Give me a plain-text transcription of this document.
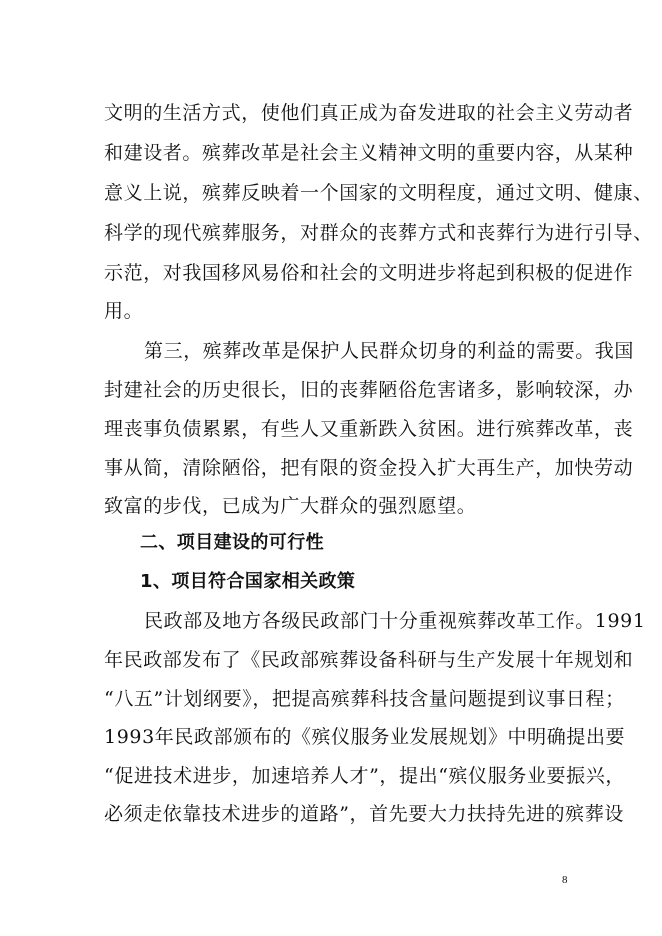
文明的生活方式，使他们真正成为奋发进取的社会主义劳动者
和建设者。殡葬改革是社会主义精神文明的重要内容，从某种
意义上说，殡葬反映着一个国家的文明程度，通过文明、健康、
科学的现代殡葬服务，对群众的丧葬方式和丧葬行为进行引导、
示范，对我国移风易俗和社会的文明进步将起到积极的促进作
用。
第三，殡葬改革是保护人民群众切身的利益的需要。我国
封建社会的历史很长，旧的丧葬陋俗危害诸多，影响较深，办
理丧事负债累累，有些人又重新跌入贫困。进行殡葬改革，丧
事从简，清除陋俗，把有限的资金投入扩大再生产，加快劳动
致富的步伐，已成为广大群众的强烈愿望。
二、项目建设的可行性
1、项目符合国家相关政策
民政部及地方各级民政部门十分重视殡葬改革工作。1991
年民政部发布了《民政部殡葬设备科研与生产发展十年规划和
“八五”计划纲要》，把提高殡葬科技含量问题提到议事日程；
1993年民政部颁布的《殡仪服务业发展规划》中明确提出要
“促进技术进步，加速培养人才”，提出“殡仪服务业要振兴，
必须走依靠技术进步的道路”，首先要大力扶持先进的殡葬设
8
